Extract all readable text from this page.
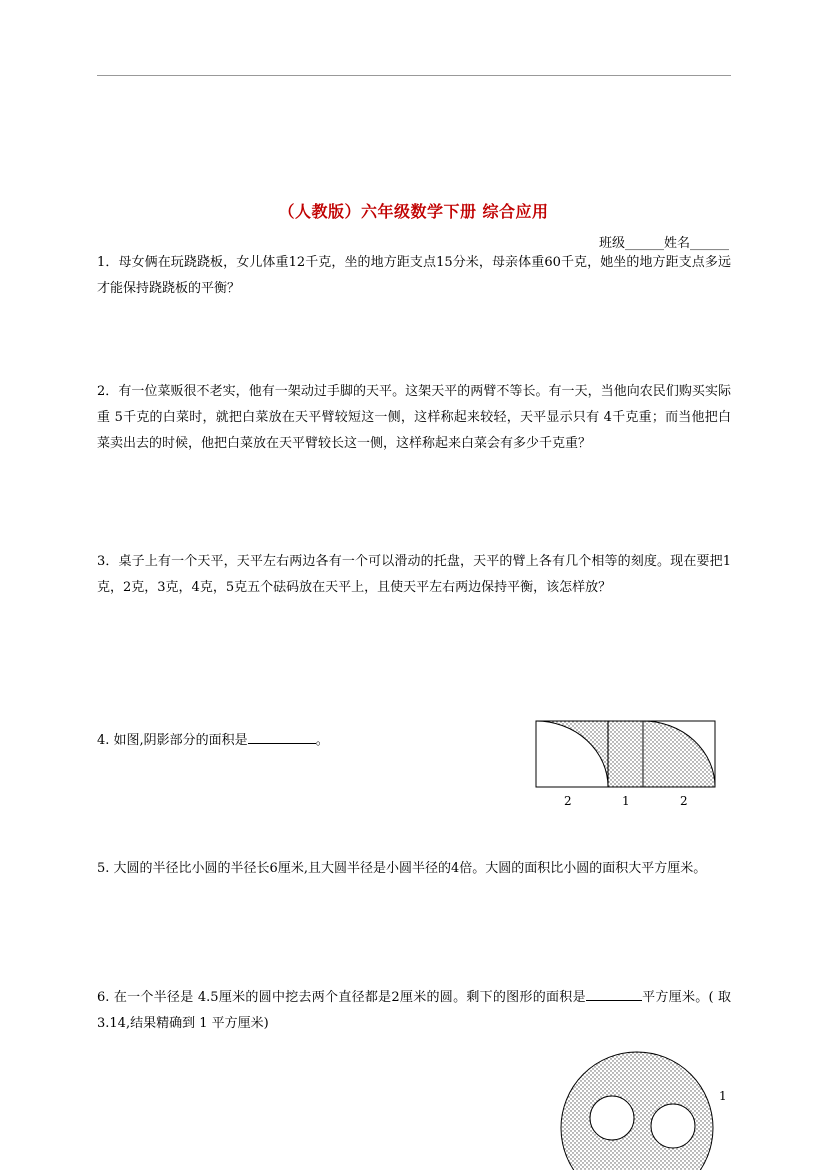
（人教版）六年级数学下册 综合应用
班级______姓名______
1．母女俩在玩跷跷板，女儿体重12千克，坐的地方距支点15分米，母亲体重60千克，她坐的地方距支点多远才能保持跷跷板的平衡？
2．有一位菜贩很不老实，他有一架动过手脚的天平。这架天平的两臂不等长。有一天，当他向农民们购买实际重 5千克的白菜时，就把白菜放在天平臂较短这一侧，这样称起来较轻，天平显示只有 4千克重；而当他把白菜卖出去的时候，他把白菜放在天平臂较长这一侧，这样称起来白菜会有多少千克重？
3．桌子上有一个天平，天平左右两边各有一个可以滑动的托盘，天平的臂上各有几个相等的刻度。现在要把1克，2克，3克，4克，5克五个砝码放在天平上，且使天平左右两边保持平衡，该怎样放？
4. 如图,阴影部分的面积是	。
2	1	2
5. 大圆的半径比小圆的半径长6厘米,且大圆半径是小圆半径的4倍。大圆的面积比小圆的面积大平方厘米。
6. 在一个半径是 4.5厘米的圆中挖去两个直径都是2厘米的圆。剩下的图形的面积是	平方厘米。( 取 3.14,结果精确到 1 平方厘米)
1
